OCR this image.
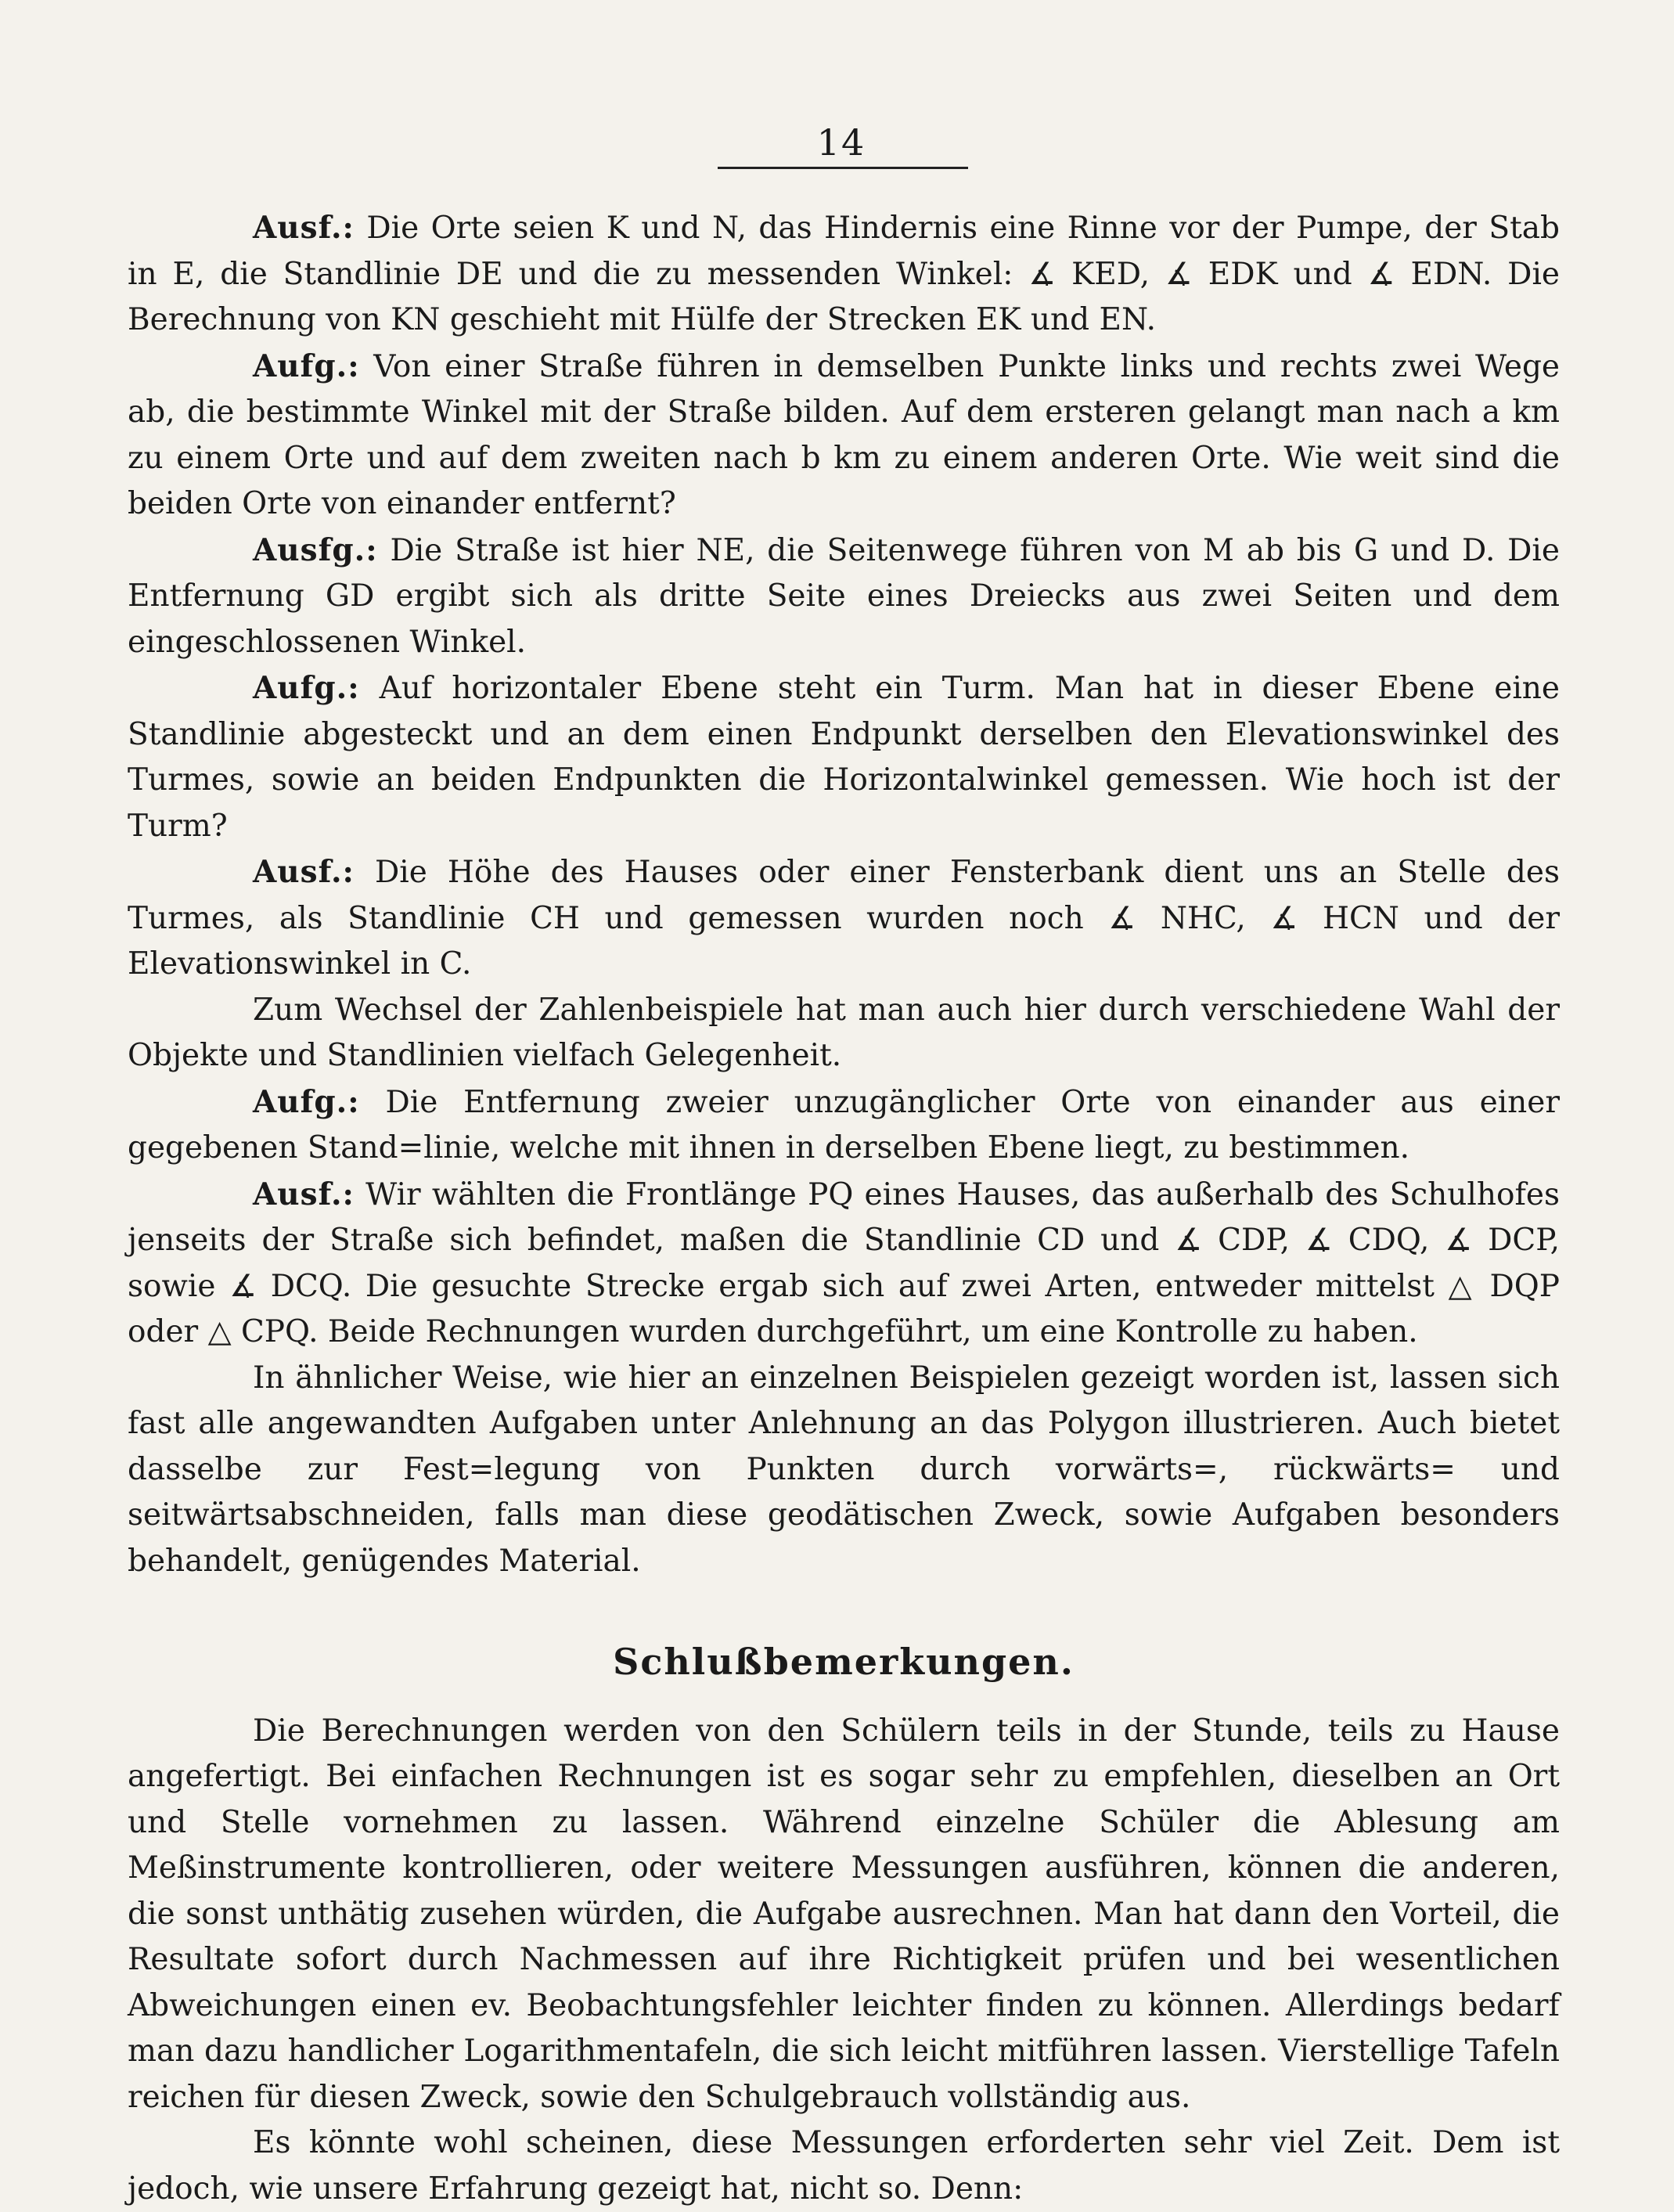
14

Ausf.: Die Orte seien K und N, das Hindernis eine Rinne vor der Pumpe, der Stab in E, die Standlinie DE und die zu messenden Winkel: ∡ KED, ∡ EDK und ∡ EDN. Die Berechnung von KN geschieht mit Hülfe der Strecken EK und EN.

Aufg.: Von einer Straße führen in demselben Punkte links und rechts zwei Wege ab, die bestimmte Winkel mit der Straße bilden. Auf dem ersteren gelangt man nach a km zu einem Orte und auf dem zweiten nach b km zu einem anderen Orte. Wie weit sind die beiden Orte von einander entfernt?

Ausfg.: Die Straße ist hier NE, die Seitenwege führen von M ab bis G und D. Die Entfernung GD ergibt sich als dritte Seite eines Dreiecks aus zwei Seiten und dem eingeschlossenen Winkel.

Aufg.: Auf horizontaler Ebene steht ein Turm. Man hat in dieser Ebene eine Standlinie abgesteckt und an dem einen Endpunkt derselben den Elevationswinkel des Turmes, sowie an beiden Endpunkten die Horizontalwinkel gemessen. Wie hoch ist der Turm?

Ausf.: Die Höhe des Hauses oder einer Fensterbank dient uns an Stelle des Turmes, als Standlinie CH und gemessen wurden noch ∡ NHC, ∡ HCN und der Elevationswinkel in C.

Zum Wechsel der Zahlenbeispiele hat man auch hier durch verschiedene Wahl der Objekte und Standlinien vielfach Gelegenheit.

Aufg.: Die Entfernung zweier unzugänglicher Orte von einander aus einer gegebenen Stand=linie, welche mit ihnen in derselben Ebene liegt, zu bestimmen.

Ausf.: Wir wählten die Frontlänge PQ eines Hauses, das außerhalb des Schulhofes jenseits der Straße sich befindet, maßen die Standlinie CD und ∡ CDP, ∡ CDQ, ∡ DCP, sowie ∡ DCQ. Die gesuchte Strecke ergab sich auf zwei Arten, entweder mittelst △ DQP oder △ CPQ. Beide Rechnungen wurden durchgeführt, um eine Kontrolle zu haben.

In ähnlicher Weise, wie hier an einzelnen Beispielen gezeigt worden ist, lassen sich fast alle angewandten Aufgaben unter Anlehnung an das Polygon illustrieren. Auch bietet dasselbe zur Fest=legung von Punkten durch vorwärts=, rückwärts= und seitwärtsabschneiden, falls man diese geodätischen Zweck, sowie Aufgaben besonders behandelt, genügendes Material.

Schlußbemerkungen.

Die Berechnungen werden von den Schülern teils in der Stunde, teils zu Hause angefertigt. Bei einfachen Rechnungen ist es sogar sehr zu empfehlen, dieselben an Ort und Stelle vornehmen zu lassen. Während einzelne Schüler die Ablesung am Meßinstrumente kontrollieren, oder weitere Messungen ausführen, können die anderen, die sonst unthätig zusehen würden, die Aufgabe ausrechnen. Man hat dann den Vorteil, die Resultate sofort durch Nachmessen auf ihre Richtigkeit prüfen und bei wesentlichen Abweichungen einen ev. Beobachtungsfehler leichter finden zu können. Allerdings bedarf man dazu handlicher Logarithmentafeln, die sich leicht mitführen lassen. Vierstellige Tafeln reichen für diesen Zweck, sowie den Schulgebrauch vollständig aus.

Es könnte wohl scheinen, diese Messungen erforderten sehr viel Zeit. Dem ist jedoch, wie unsere Erfahrung gezeigt hat, nicht so. Denn:
